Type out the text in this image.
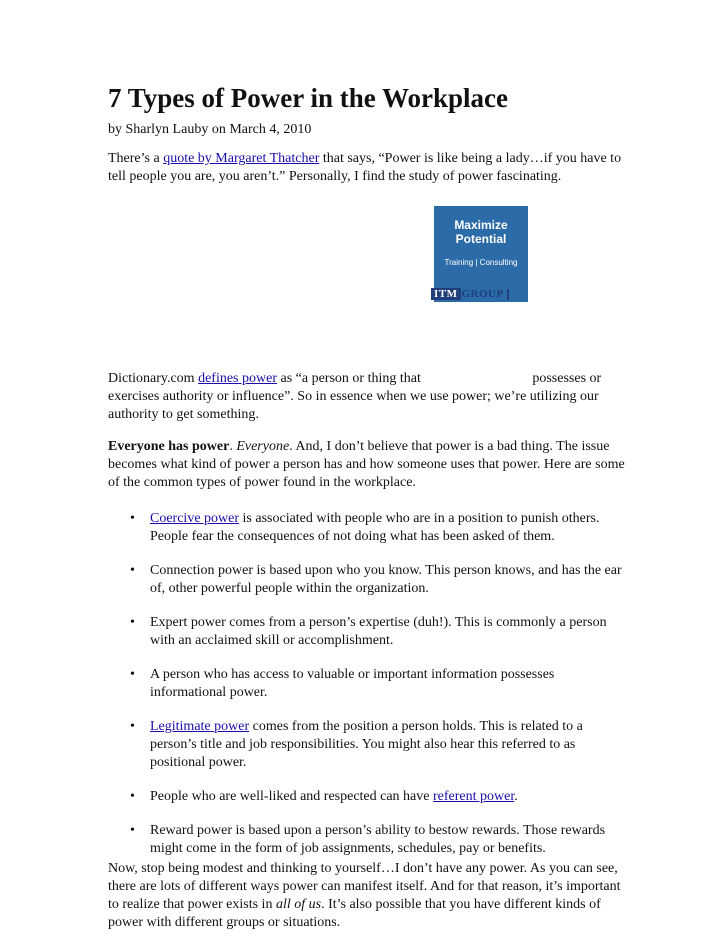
7 Types of Power in the Workplace
by Sharlyn Lauby on March 4, 2010

There’s a quote by Margaret Thatcher that says, “Power is like being a lady…if you have to tell people you are, you aren’t.” Personally, I find the study of power fascinating.

Maximize
Potential
Training | Consulting
ITM GROUP

Dictionary.com defines power as “a person or thing that	possesses or exercises authority or influence”. So in essence when we use power; we’re utilizing our authority to get something.

Everyone has power. Everyone. And, I don’t believe that power is a bad thing. The issue becomes what kind of power a person has and how someone uses that power. Here are some of the common types of power found in the workplace.

• Coercive power is associated with people who are in a position to punish others. People fear the consequences of not doing what has been asked of them.
• Connection power is based upon who you know. This person knows, and has the ear of, other powerful people within the organization.
• Expert power comes from a person’s expertise (duh!). This is commonly a person with an acclaimed skill or accomplishment.
• A person who has access to valuable or important information possesses informational power.
• Legitimate power comes from the position a person holds. This is related to a person’s title and job responsibilities. You might also hear this referred to as positional power.
• People who are well-liked and respected can have referent power.
• Reward power is based upon a person’s ability to bestow rewards. Those rewards might come in the form of job assignments, schedules, pay or benefits.

Now, stop being modest and thinking to yourself…I don’t have any power. As you can see, there are lots of different ways power can manifest itself. And for that reason, it’s important to realize that power exists in all of us. It’s also possible that you have different kinds of power with different groups or situations.
